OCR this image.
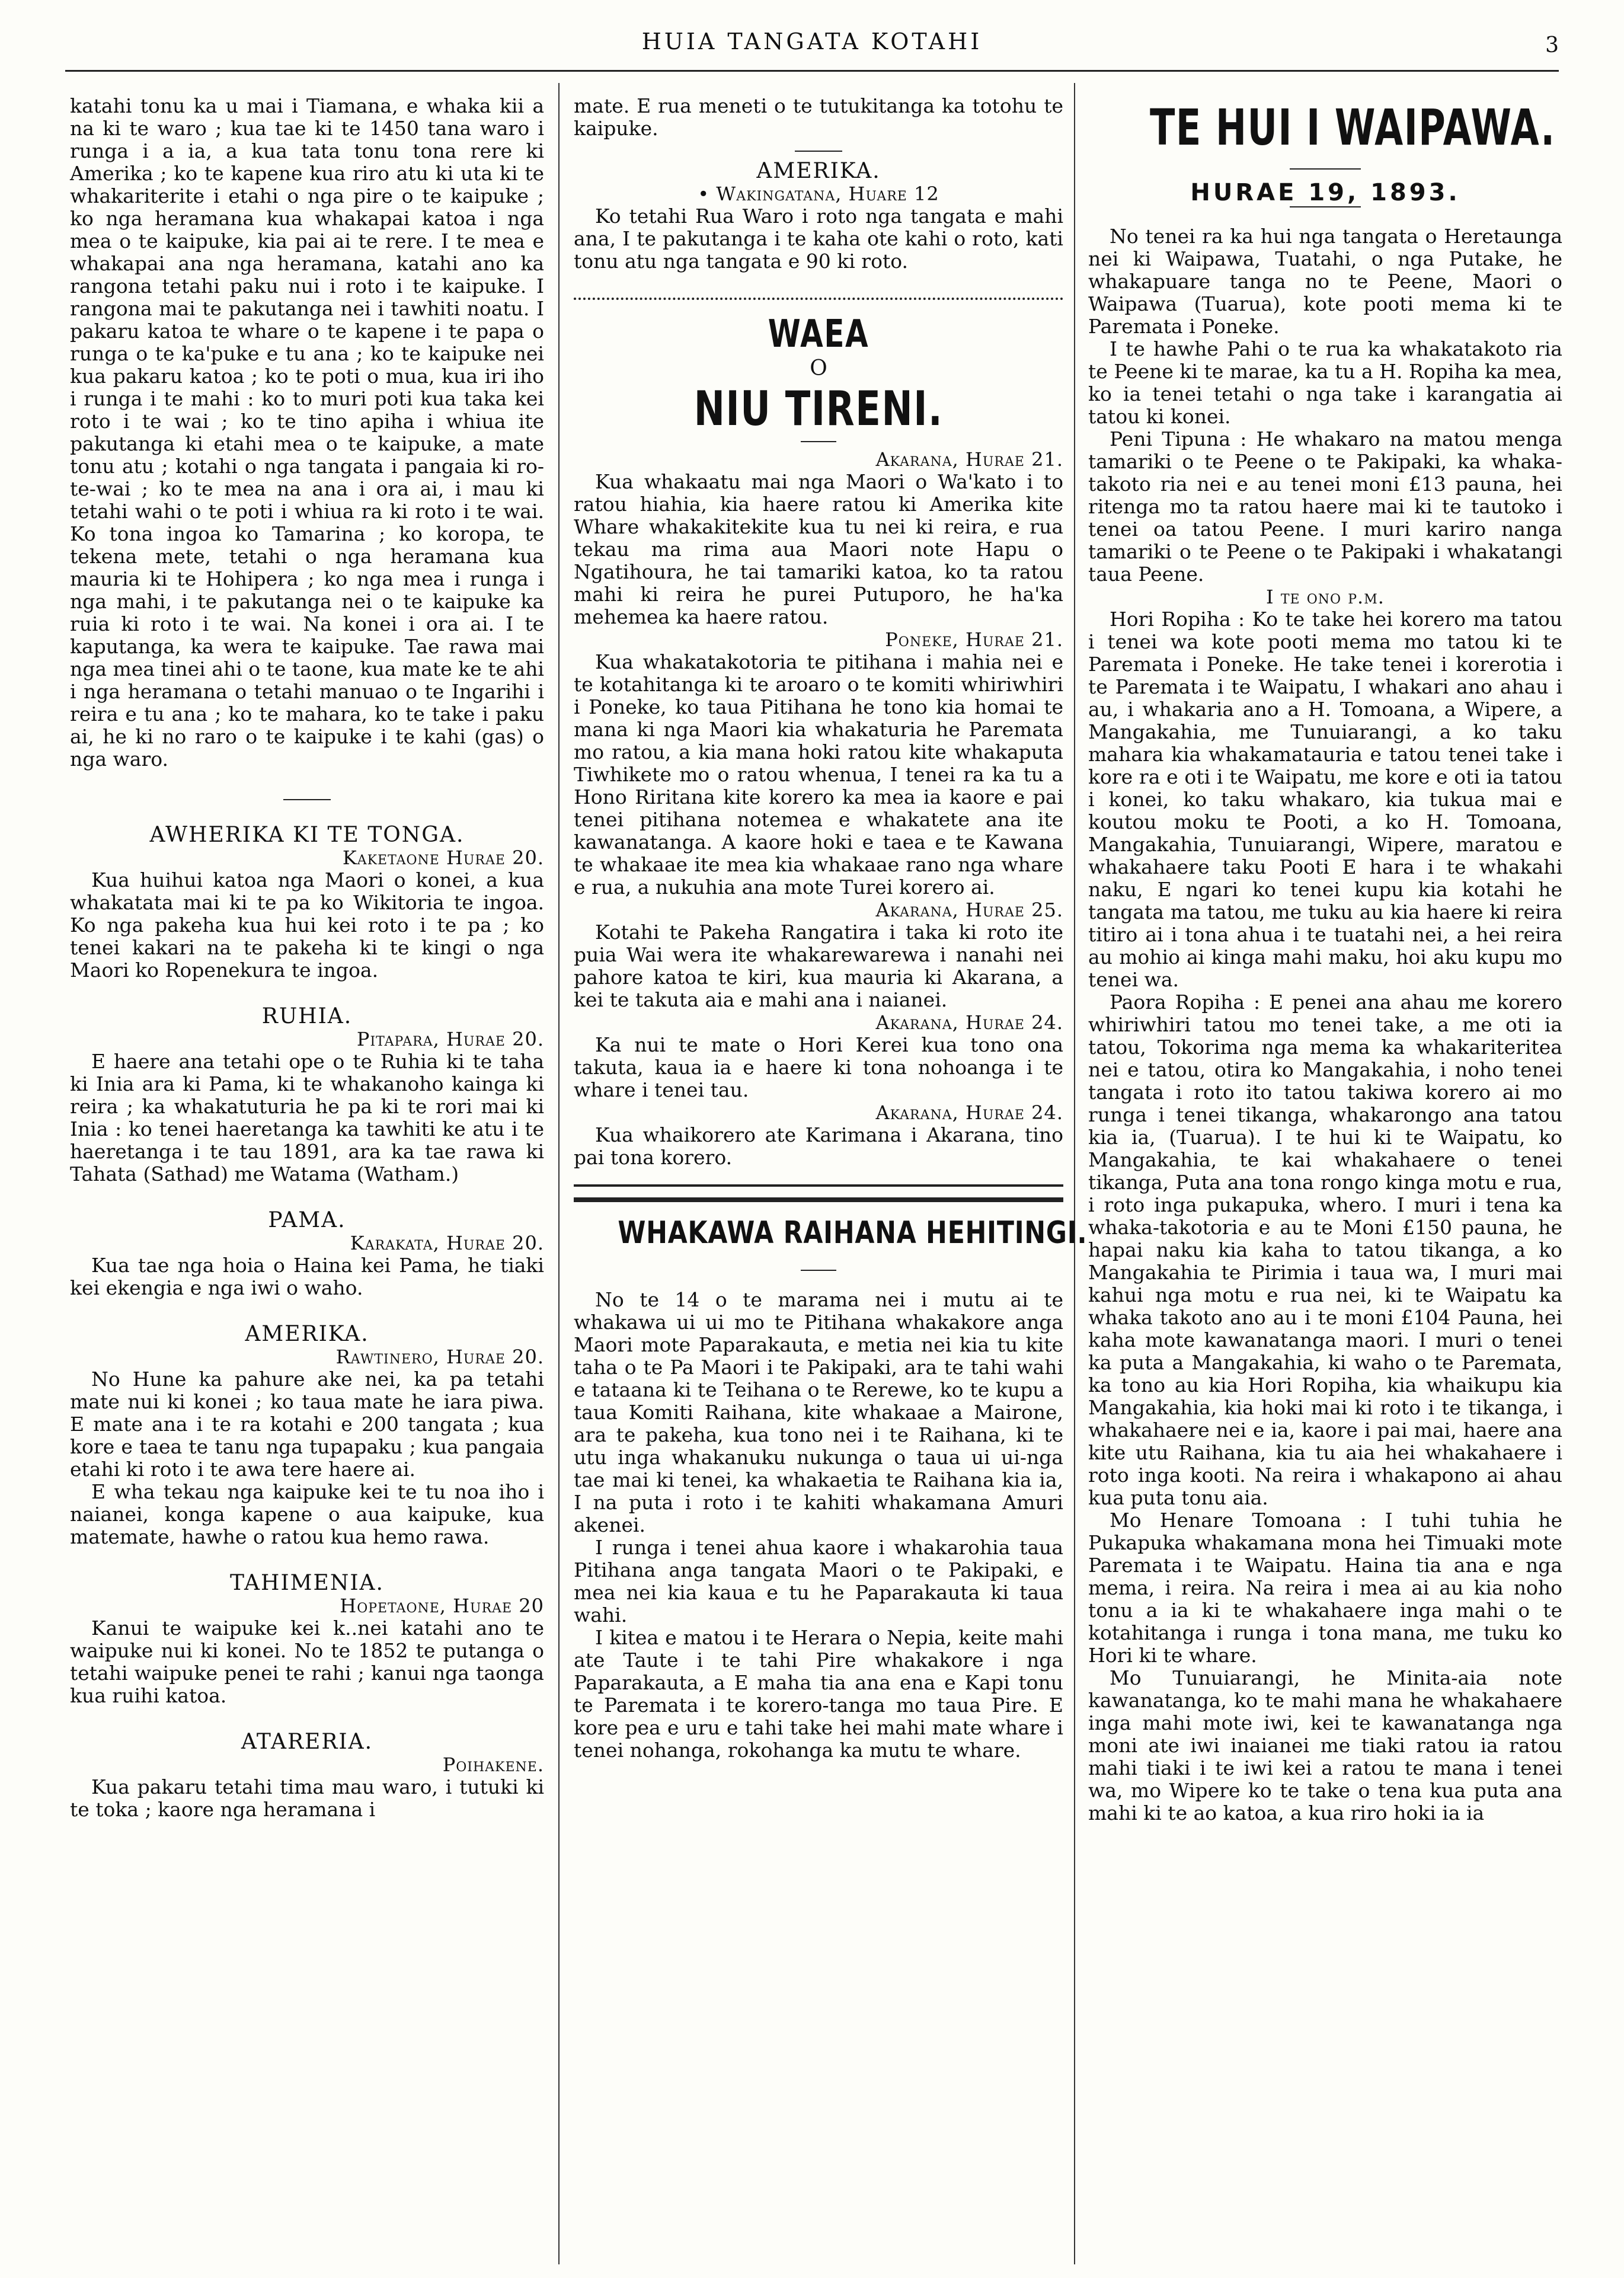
HUIA TANGATA KOTAHI	3

katahi tonu ka u mai i Tiamana, e whaka kii a na ki te waro ; kua tae ki te 1450 tana waro i runga i a ia, a kua tata tonu tona rere ki Amerika ; ko te kapene kua riro atu ki uta ki te whakariterite i etahi o nga pire o te kaipuke ; ko nga heramana kua whakapai katoa i nga mea o te kaipuke, kia pai ai te rere. I te mea e whakapai ana nga heramana, katahi ano ka rangona tetahi paku nui i roto i te kaipuke. I rangona mai te pakutanga nei i tawhiti noatu. I pakaru katoa te whare o te kapene i te papa o runga o te ka'puke e tu ana ; ko te kaipuke nei kua pakaru katoa ; ko te poti o mua, kua iri iho i runga i te mahi : ko to muri poti kua taka kei roto i te wai ; ko te tino apiha i whiua ite pakutanga ki etahi mea o te kaipuke, a mate tonu atu ; kotahi o nga tangata i pangaia ki ro-te-wai ; ko te mea na ana i ora ai, i mau ki tetahi wahi o te poti i whiua ra ki roto i te wai. Ko tona ingoa ko Tamarina ; ko koropa, te tekena mete, tetahi o nga heramana kua mauria ki te Hohipera ; ko nga mea i runga i nga mahi, i te pakutanga nei o te kaipuke ka ruia ki roto i te wai. Na konei i ora ai. I te kaputanga, ka wera te kaipuke. Tae rawa mai nga mea tinei ahi o te taone, kua mate ke te ahi i nga heramana o tetahi manuao o te Ingarihi i reira e tu ana ; ko te mahara, ko te take i paku ai, he ki no raro o te kaipuke i te kahi (gas) o nga waro.

AWHERIKA KI TE TONGA.
Kaketaone Hurae 20.

Kua huihui katoa nga Maori o konei, a kua whakatata mai ki te pa ko Wikitoria te ingoa. Ko nga pakeha kua hui kei roto i te pa ; ko tenei kakari na te pakeha ki te kingi o nga Maori ko Ropenekura te ingoa.

RUHIA.
Pitapara, Hurae 20.

E haere ana tetahi ope o te Ruhia ki te taha ki Inia ara ki Pama, ki te whakanoho kainga ki reira ; ka whakatuturia he pa ki te rori mai ki Inia : ko tenei haeretanga ka tawhiti ke atu i te haeretanga i te tau 1891, ara ka tae rawa ki Tahata (Sathad) me Watama (Watham.)

PAMA.
Karakata, Hurae 20.

Kua tae nga hoia o Haina kei Pama, he tiaki kei ekengia e nga iwi o waho.

AMERIKA.
Rawtinero, Hurae 20.

No Hune ka pahure ake nei, ka pa tetahi mate nui ki konei ; ko taua mate he iara piwa. E mate ana i te ra kotahi e 200 tangata ; kua kore e taea te tanu nga tupapaku ; kua pangaia etahi ki roto i te awa tere haere ai.

E wha tekau nga kaipuke kei te tu noa iho i naianei, konga kapene o aua kaipuke, kua matemate, hawhe o ratou kua hemo rawa.

TAHIMENIA.
Hopetaone, Hurae 20

Kanui te waipuke kei k..nei katahi ano te waipuke nui ki konei. No te 1852 te putanga o tetahi waipuke penei te rahi ; kanui nga taonga kua ruihi katoa.

ATARERIA.
Poihakene.

Kua pakaru tetahi tima mau waro, i tutuki ki te toka ; kaore nga heramana i

mate. E rua meneti o te tutukitanga ka totohu te kaipuke.

AMERIKA.
• Wakingatana, Huare 12

Ko tetahi Rua Waro i roto nga tangata e mahi ana, I te pakutanga i te kaha ote kahi o roto, kati tonu atu nga tangata e 90 ki roto.

WAEA
O
NIU TIRENI.
Akarana, Hurae 21.

Kua whakaatu mai nga Maori o Wa'kato i to ratou hiahia, kia haere ratou ki Amerika kite Whare whakakitekite kua tu nei ki reira, e rua tekau ma rima aua Maori note Hapu o Ngatihoura, he tai tamariki katoa, ko ta ratou mahi ki reira he purei Putuporo, he ha'ka mehemea ka haere ratou.

Poneke, Hurae 21.

Kua whakatakotoria te pitihana i mahia nei e te kotahitanga ki te aroaro o te komiti whiriwhiri i Poneke, ko taua Pitihana he tono kia homai te mana ki nga Maori kia whakaturia he Paremata mo ratou, a kia mana hoki ratou kite whakaputa Tiwhikete mo o ratou whenua, I tenei ra ka tu a Hono Riritana kite korero ka mea ia kaore e pai tenei pitihana notemea e whakatete ana ite kawanatanga. A kaore hoki e taea e te Kawana te whakaae ite mea kia whakaae rano nga whare e rua, a nukuhia ana mote Turei korero ai.

Akarana, Hurae 25.

Kotahi te Pakeha Rangatira i taka ki roto ite puia Wai wera ite whakarewarewa i nanahi nei pahore katoa te kiri, kua mauria ki Akarana, a kei te takuta aia e mahi ana i naianei.

Akarana, Hurae 24.

Ka nui te mate o Hori Kerei kua tono ona takuta, kaua ia e haere ki tona nohoanga i te whare i tenei tau.

Akarana, Hurae 24.

Kua whaikorero ate Karimana i Akarana, tino pai tona korero.

WHAKAWA RAIHANA HEHITINGI.

No te 14 o te marama nei i mutu ai te whakawa ui ui mo te Pitihana whakakore anga Maori mote Paparakauta, e metia nei kia tu kite taha o te Pa Maori i te Pakipaki, ara te tahi wahi e tataana ki te Teihana o te Rerewe, ko te kupu a taua Komiti Raihana, kite whakaae a Mairone, ara te pakeha, kua tono nei i te Raihana, ki te utu inga whakanuku nukunga o taua ui ui-nga tae mai ki tenei, ka whakaetia te Raihana kia ia, I na puta i roto i te kahiti whakamana Amuri akenei.

I runga i tenei ahua kaore i whakarohia taua Pitihana anga tangata Maori o te Pakipaki, e mea nei kia kaua e tu he Paparakauta ki taua wahi.

I kitea e matou i te Herara o Nepia, keite mahi ate Taute i te tahi Pire whakakore i nga Paparakauta, a E maha tia ana ena e Kapi tonu te Paremata i te korero-tanga mo taua Pire. E kore pea e uru e tahi take hei mahi mate whare i tenei nohanga, rokohanga ka mutu te whare.

TE HUI I WAIPAWA.
HURAE 19, 1893.

No tenei ra ka hui nga tangata o Heretaunga nei ki Waipawa, Tuatahi, o nga Putake, he whakapuare tanga no te Peene, Maori o Waipawa (Tuarua), kote pooti mema ki te Paremata i Poneke.

I te hawhe Pahi o te rua ka whakatakoto ria te Peene ki te marae, ka tu a H. Ropiha ka mea, ko ia tenei tetahi o nga take i karangatia ai tatou ki konei.

Peni Tipuna : He whakaro na matou menga tamariki o te Peene o te Pakipaki, ka whaka-takoto ria nei e au tenei moni £13 pauna, hei ritenga mo ta ratou haere mai ki te tautoko i tenei oa tatou Peene. I muri kariro nanga tamariki o te Peene o te Pakipaki i whakatangi taua Peene.

I te ono p.m.

Hori Ropiha : Ko te take hei korero ma tatou i tenei wa kote pooti mema mo tatou ki te Paremata i Poneke. He take tenei i korerotia i te Paremata i te Waipatu, I whakari ano ahau i au, i whakaria ano a H. Tomoana, a Wipere, a Mangakahia, me Tunuiarangi, a ko taku mahara kia whakamatauria e tatou tenei take i kore ra e oti i te Waipatu, me kore e oti ia tatou i konei, ko taku whakaro, kia tukua mai e koutou moku te Pooti, a ko H. Tomoana, Mangakahia, Tunuiarangi, Wipere, maratou e whakahaere taku Pooti E hara i te whakahi naku, E ngari ko tenei kupu kia kotahi he tangata ma tatou, me tuku au kia haere ki reira titiro ai i tona ahua i te tuatahi nei, a hei reira au mohio ai kinga mahi maku, hoi aku kupu mo tenei wa.

Paora Ropiha : E penei ana ahau me korero whiriwhiri tatou mo tenei take, a me oti ia tatou, Tokorima nga mema ka whakariteritea nei e tatou, otira ko Mangakahia, i noho tenei tangata i roto ito tatou takiwa korero ai mo runga i tenei tikanga, whakarongo ana tatou kia ia, (Tuarua). I te hui ki te Waipatu, ko Mangakahia, te kai whakahaere o tenei tikanga, Puta ana tona rongo kinga motu e rua, i roto inga pukapuka, whero. I muri i tena ka whaka-takotoria e au te Moni £150 pauna, he hapai naku kia kaha to tatou tikanga, a ko Mangakahia te Pirimia i taua wa, I muri mai kahui nga motu e rua nei, ki te Waipatu ka whaka takoto ano au i te moni £104 Pauna, hei kaha mote kawanatanga maori. I muri o tenei ka puta a Mangakahia, ki waho o te Paremata, ka tono au kia Hori Ropiha, kia whaikupu kia Mangakahia, kia hoki mai ki roto i te tikanga, i whakahaere nei e ia, kaore i pai mai, haere ana kite utu Raihana, kia tu aia hei whakahaere i roto inga kooti. Na reira i whakapono ai ahau kua puta tonu aia.

Mo Henare Tomoana : I tuhi tuhia he Pukapuka whakamana mona hei Timuaki mote Paremata i te Waipatu. Haina tia ana e nga mema, i reira. Na reira i mea ai au kia noho tonu a ia ki te whakahaere inga mahi o te kotahitanga i runga i tona mana, me tuku ko Hori ki te whare.

Mo Tunuiarangi, he Minita-aia note kawanatanga, ko te mahi mana he whakahaere inga mahi mote iwi, kei te kawanatanga nga moni ate iwi inaianei me tiaki ratou ia ratou mahi tiaki i te iwi kei a ratou te mana i tenei wa, mo Wipere ko te take o tena kua puta ana mahi ki te ao katoa, a kua riro hoki ia ia
